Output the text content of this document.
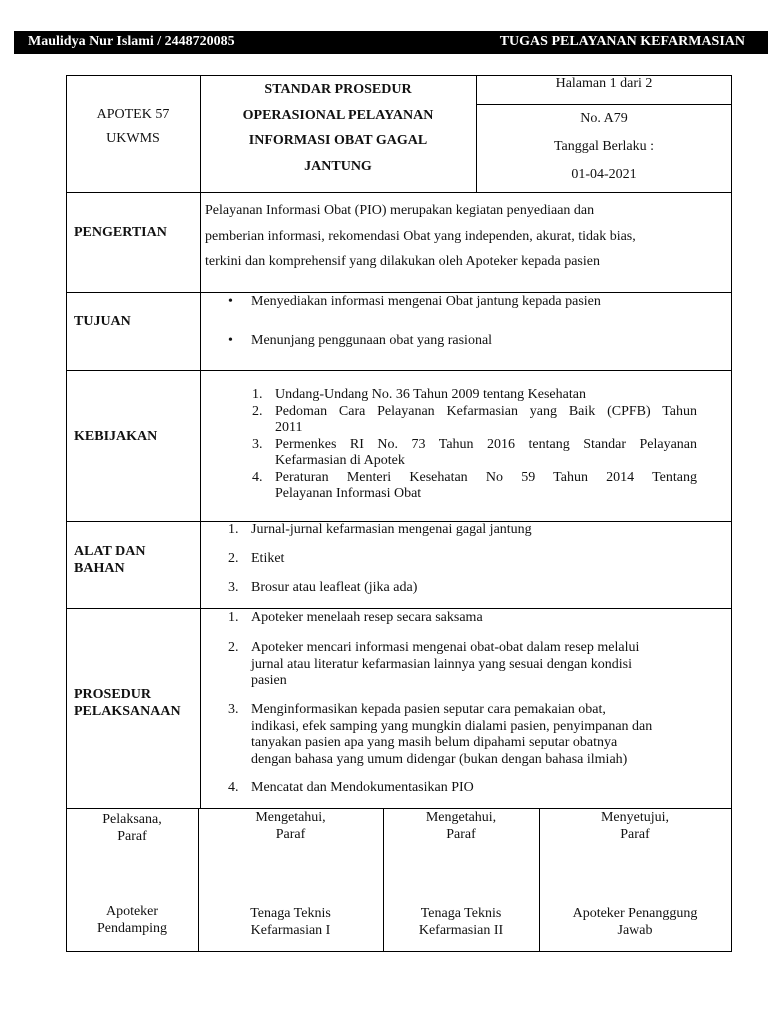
Maulidya Nur Islami / 2448720085	TUGAS PELAYANAN KEFARMASIAN
APOTEK 57
UKWMS
STANDAR PROSEDUR
OPERASIONAL PELAYANAN
INFORMASI OBAT GAGAL
JANTUNG
Halaman 1 dari 2
No. A79
Tanggal Berlaku :
01-04-2021
PENGERTIAN
Pelayanan Informasi Obat (PIO) merupakan kegiatan penyediaan dan
pemberian informasi, rekomendasi Obat yang independen, akurat, tidak bias,
terkini dan komprehensif yang dilakukan oleh Apoteker kepada pasien
TUJUAN
• Menyediakan informasi mengenai Obat jantung kepada pasien
• Menunjang penggunaan obat yang rasional
KEBIJAKAN
1. Undang-Undang No. 36 Tahun 2009 tentang Kesehatan
2. Pedoman Cara Pelayanan Kefarmasian yang Baik (CPFB) Tahun
2011
3. Permenkes RI No. 73 Tahun 2016 tentang Standar Pelayanan
Kefarmasian di Apotek
4. Peraturan Menteri Kesehatan No 59 Tahun 2014 Tentang
Pelayanan Informasi Obat
ALAT DAN
BAHAN
1. Jurnal-jurnal kefarmasian mengenai gagal jantung
2. Etiket
3. Brosur atau leafleat (jika ada)
PROSEDUR
PELAKSANAAN
1. Apoteker menelaah resep secara saksama
2. Apoteker mencari informasi mengenai obat-obat dalam resep melalui
jurnal atau literatur kefarmasian lainnya yang sesuai dengan kondisi
pasien
3. Menginformasikan kepada pasien seputar cara pemakaian obat,
indikasi, efek samping yang mungkin dialami pasien, penyimpanan dan
tanyakan pasien apa yang masih belum dipahami seputar obatnya
dengan bahasa yang umum didengar (bukan dengan bahasa ilmiah)
4. Mencatat dan Mendokumentasikan PIO
Pelaksana,
Paraf
Apoteker
Pendamping
Mengetahui,
Paraf
Tenaga Teknis
Kefarmasian I
Mengetahui,
Paraf
Tenaga Teknis
Kefarmasian II
Menyetujui,
Paraf
Apoteker Penanggung
Jawab
